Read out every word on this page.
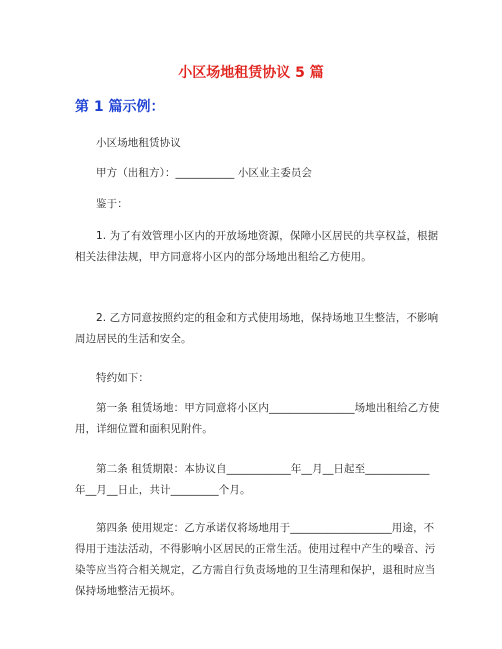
小区场地租赁协议 5 篇
第 1 篇示例：

小区场地租赁协议

甲方（出租方）：___________ 小区业主委员会

鉴于：

1. 为了有效管理小区内的开放场地资源，保障小区居民的共享权益，根据相关法律法规，甲方同意将小区内的部分场地出租给乙方使用。

2. 乙方同意按照约定的租金和方式使用场地，保持场地卫生整洁，不影响周边居民的生活和安全。

特约如下：

第一条 租赁场地：甲方同意将小区内________________场地出租给乙方使用，详细位置和面积见附件。

第二条 租赁期限：本协议自____________年__月__日起至____________年__月__日止，共计_________个月。

第四条 使用规定：乙方承诺仅将场地用于___________________用途，不得用于违法活动，不得影响小区居民的正常生活。使用过程中产生的噪音、污染等应当符合相关规定，乙方需自行负责场地的卫生清理和保护，退租时应当保持场地整洁无损坏。
